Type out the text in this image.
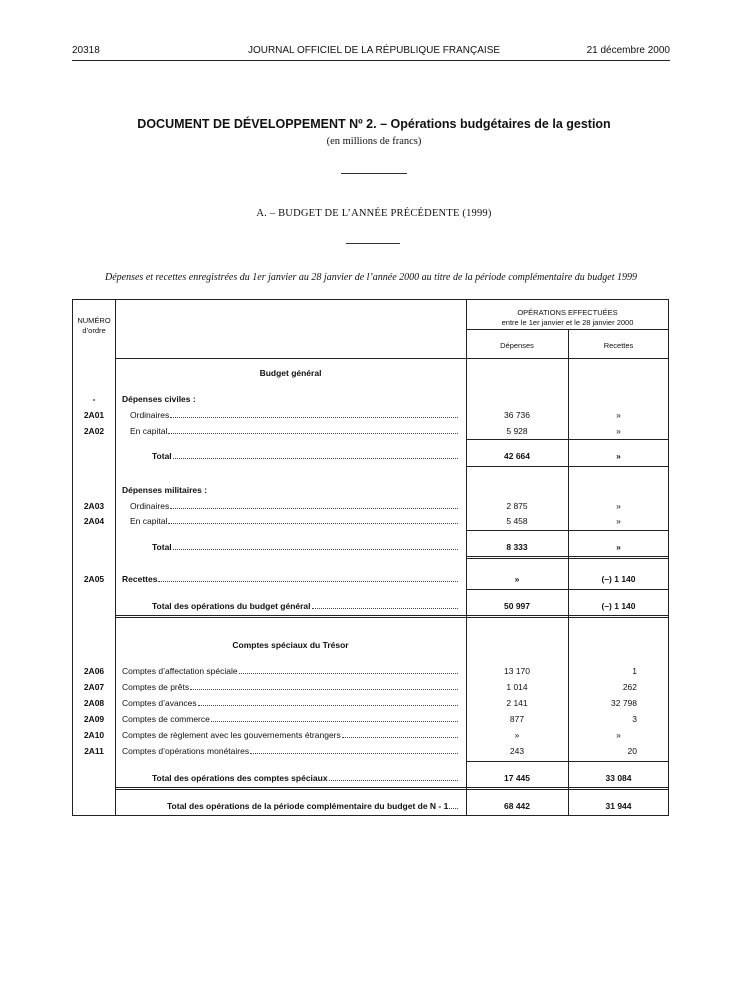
20318	JOURNAL OFFICIEL DE LA RÉPUBLIQUE FRANÇAISE	21 décembre 2000
DOCUMENT DE DÉVELOPPEMENT Nº 2. – Opérations budgétaires de la gestion
(en millions de francs)
A. – BUDGET DE L’ANNÉE PRÉCÉDENTE (1999)
Dépenses et recettes enregistrées du 1er janvier au 28 janvier de l’année 2000 au titre de la période complémentaire du budget 1999
NUMÉRO
d’ordre
OPÉRATIONS EFFECTUÉES
entre le 1er janvier et le 28 janvier 2000
Dépenses	Recettes
Budget général
-	Dépenses civiles :
2A01	Ordinaires	36 736	»
2A02	En capital	5 928	»
Total	42 664	»
Dépenses militaires :
2A03	Ordinaires	2 875	»
2A04	En capital	5 458	»
Total	8 333	»
2A05	Recettes	»	(–) 1 140
Total des opérations du budget général	50 997	(–) 1 140
Comptes spéciaux du Trésor
2A06	Comptes d’affectation spéciale	13 170	1
2A07	Comptes de prêts	1 014	262
2A08	Comptes d’avances	2 141	32 798
2A09	Comptes de commerce	877	3
2A10	Comptes de règlement avec les gouvernements étrangers	»	»
2A11	Comptes d’opérations monétaires	243	20
Total des opérations des comptes spéciaux	17 445	33 084
Total des opérations de la période complémentaire du budget de N - 1	68 442	31 944
